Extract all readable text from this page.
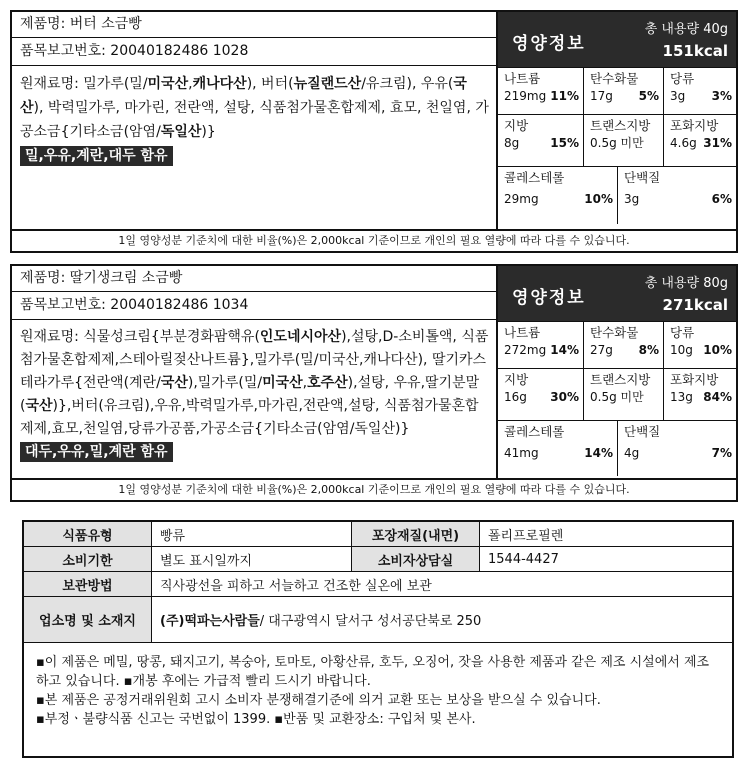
제품명: 버터 소금빵
품목보고번호: 20040182486 1028
원재료명: 밀가루(밀/미국산,캐나다산), 버터(뉴질랜드산/유크림), 우유(국산), 박력밀가루, 마가린, 전란액, 설탕, 식품첨가물혼합제제, 효모, 천일염, 가공소금{기타소금(암염/독일산)}
밀,우유,계란,대두 함유
영양정보
총 내용량 40g
151kcal
나트륨
219mg 11%
탄수화물
17g 5%
당류
3g 3%
지방
8g	15%
트랜스지방
0.5g 미만
포화지방
4.6g 31%
콜레스테롤
29mg	10%
단백질
3g	6%
1일 영양성분 기준치에 대한 비율(%)은 2,000kcal 기준이므로 개인의 필요 열량에 따라 다를 수 있습니다.
제품명: 딸기생크림 소금빵
품목보고번호: 20040182486 1034
원재료명: 식물성크림{부분경화팜핵유(인도네시아산),설탕,D-소비톨액, 식품첨가물혼합제제,스테아릴젖산나트륨},밀가루(밀/미국산,캐나다산), 딸기카스테라가루{전란액(계란/국산),밀가루(밀/미국산,호주산),설탕, 우유,딸기분말(국산)},버터(유크림),우유,박력밀가루,마가린,전란액,설탕, 식품첨가물혼합제제,효모,천일염,당류가공품,가공소금{기타소금(암염/독일산)} 대두,우유,밀,계란 함유
영양정보
총 내용량 80g
271kcal
나트륨
272mg 14%
탄수화물
27g 8%
당류
10g 10%
지방
16g 30%
트랜스지방
0.5g 미만
포화지방
13g 84%
콜레스테롤
41mg	14%
단백질
4g	7%
1일 영양성분 기준치에 대한 비율(%)은 2,000kcal 기준이므로 개인의 필요 열량에 따라 다를 수 있습니다.
식품유형	빵류	포장재질(내면)	폴리프로필렌
소비기한	별도 표시일까지	소비자상담실	1544-4427
보관방법	직사광선을 피하고 서늘하고 건조한 실온에 보관
업소명 및 소재지	(주)떡파는사람들 / 대구광역시 달서구 성서공단북로 250
▪이 제품은 메밀, 땅콩, 돼지고기, 복숭아, 토마토, 아황산류, 호두, 오징어, 잣을 사용한 제품과 같은 제조 시설에서 제조하고 있습니다. ▪개봉 후에는 가급적 빨리 드시기 바랍니다.
▪본 제품은 공정거래위원회 고시 소비자 분쟁해결기준에 의거 교환 또는 보상을 받으실 수 있습니다.
▪부정ㆍ불량식품 신고는 국번없이 1399. ▪반품 및 교환장소: 구입처 및 본사.
